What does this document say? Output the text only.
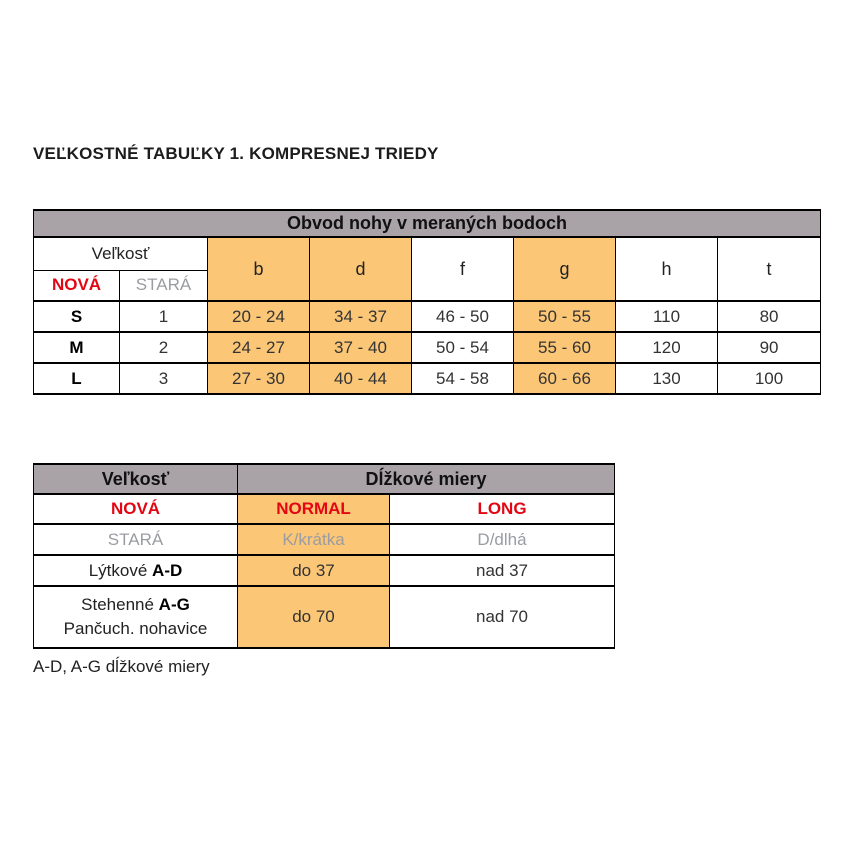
VEĽKOSTNÉ TABUĽKY 1. KOMPRESNEJ TRIEDY
Obvod nohy v meraných bodoch							
Veľkosť		b	d	f	g	h	t
NOVÁ	STARÁ						
S	1	20 - 24	34 - 37	46 - 50	50 - 55	110	80
M	2	24 - 27	37 - 40	50 - 54	55 - 60	120	90
L	3	27 - 30	40 - 44	54 - 58	60 - 66	130	100
Veľkosť	Dĺžkové miery	
NOVÁ	NORMAL	LONG
STARÁ	K/krátka	D/dlhá
Lýtkové A-D	do 37	nad 37

Stehenné A-G
Pančuch. nohavice	do 70	nad 70
A-D, A-G dĺžkové miery
